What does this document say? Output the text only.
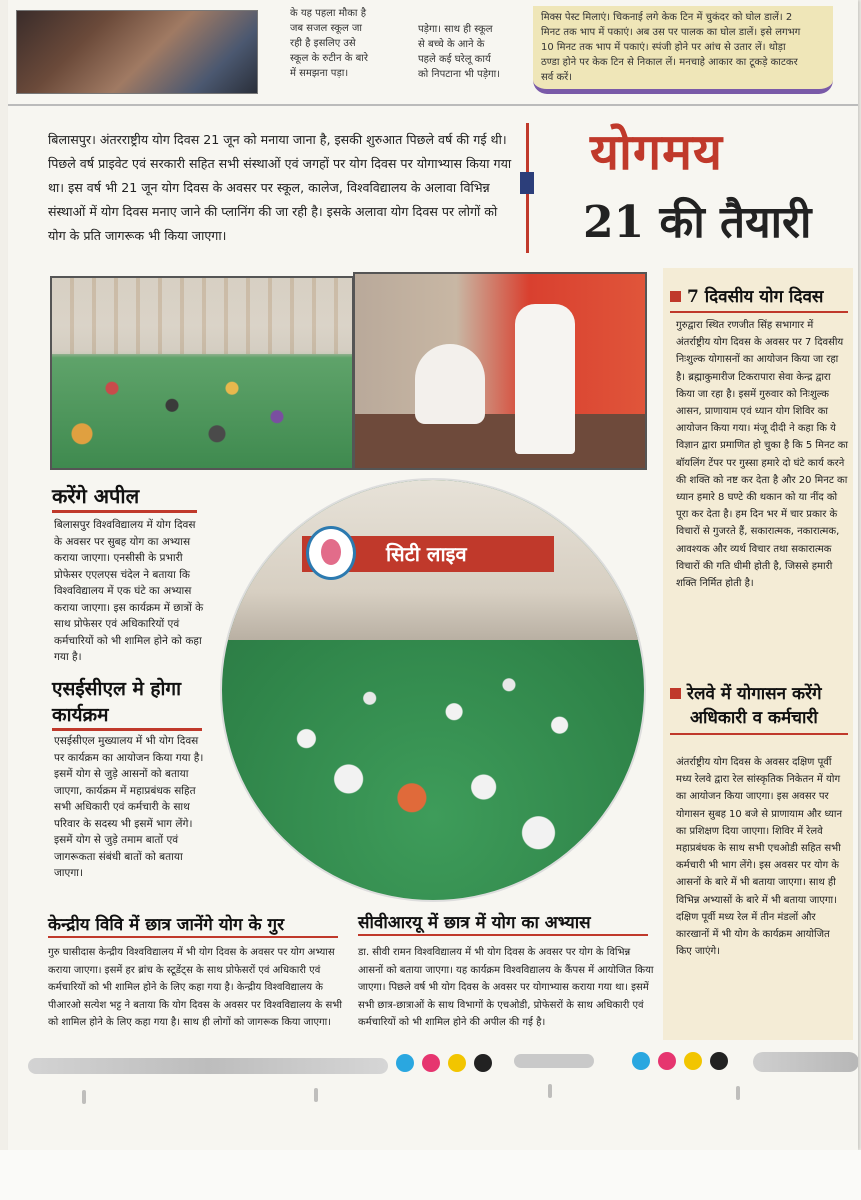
के यह पहला मौका है

जब सजल स्कूल जा

रही है इसलिए उसे

स्कूल के रुटीन के बारे

में समझना पड़ा।

पड़ेगा। साथ ही स्कूल

से बच्चे के आने के

पहले कई घरेलू कार्य

को निपटाना भी पड़ेगा।

मिक्स पेस्ट मिलाएं। चिकनाई लगे केक टिन में चुकंदर को घोल डालें। 2
मिनट तक भाप में पकाएं। अब उस पर पालक का घोल डालें। इसे लगभग
10 मिनट तक भाप में पकाएं। स्पंजी होने पर आंच से उतार लें। थोड़ा
ठण्डा होने पर केक टिन से निकाल लें। मनचाहे आकार का टूकड़े काटकर
सर्व करें।
बिलासपुर। अंतरराष्ट्रीय योग दिवस 21 जून को मनाया जाना है, इसकी शुरुआत पिछले वर्ष की गई थी। पिछले वर्ष प्राइवेट एवं सरकारी सहित सभी संस्थाओं एवं जगहों पर योग दिवस पर योगाभ्यास किया गया था। इस वर्ष भी 21 जून योग दिवस के अवसर पर स्कूल, कालेज, विश्वविद्यालय के अलावा विभिन्न संस्थाओं में योग दिवस मनाए जाने की प्लानिंग की जा रही है। इसके अलावा योग दिवस पर लोगों को योग के प्रति जागरूक भी किया जाएगा।
योगमय
21 की तैयारी
करेंगे अपील
बिलासपुर विश्वविद्यालय में योग दिवस के अवसर पर सुबह योग का अभ्यास कराया जाएगा। एनसीसी के प्रभारी प्रोफेसर एएलएस चंदेल ने बताया कि विश्वविद्यालय में एक घंटे का अभ्यास कराया जाएगा। इस कार्यक्रम में छात्रों के साथ प्रोफेसर एवं अधिकारियों एवं कर्मचारियों को भी शामिल होने को कहा गया है।
एसईसीएल मे होगा
कार्यक्रम
एसईसीएल मुख्यालय में भी योग दिवस पर कार्यक्रम का आयोजन किया गया है। इसमें योग से जुड़े आसनों को बताया जाएगा, कार्यक्रम में महाप्रबंधक सहित सभी अधिकारी एवं कर्मचारी के साथ परिवार के सदस्य भी इसमें भाग लेंगे। इसमें योग से जुड़े तमाम बातों एवं जागरूकता संबंधी बातों को बताया जाएगा।
सिटी लाइव
7 दिवसीय योग दिवस
गुरुद्वारा स्थित रणजीत सिंह सभागार में अंतर्राष्ट्रीय योग दिवस के अवसर पर 7 दिवसीय निःशुल्क योगासनों का आयोजन किया जा रहा है। ब्रह्माकुमारीज टिकरापारा सेवा केन्द्र द्वारा किया जा रहा है। इसमें गुरुवार को निःशुल्क आसन, प्राणायाम एवं ध्यान योग शिविर का आयोजन किया गया। मंजू दीदी ने कहा कि ये विज्ञान द्वारा प्रमाणित हो चुका है कि 5 मिनट का बॉयलिंग टेंपर पर गुस्सा हमारे दो घंटे कार्य करने की शक्ति को नष्ट कर देता है और 20 मिनट का ध्यान हमारे 8 घण्टे की थकान को या नींद को पूरा कर देता है। हम दिन भर में चार प्रकार के विचारों से गुजरते हैं, सकारात्मक, नकारात्मक, आवश्यक और व्यर्थ विचार तथा सकारात्मक विचारों की गति धीमी होती है, जिससे हमारी शक्ति निर्मित होती है।
रेलवे में योगासन करेंगे
अधिकारी व कर्मचारी
अंतर्राष्ट्रीय योग दिवस के अवसर दक्षिण पूर्वी मध्य रेलवे द्वारा रेल सांस्कृतिक निकेतन में योग का आयोजन किया जाएगा। इस अवसर पर योगासन सुबह 10 बजे से प्राणायाम और ध्यान का प्रशिक्षण दिया जाएगा। शिविर में रेलवे महाप्रबंधक के साथ सभी एचओडी सहित सभी कर्मचारी भी भाग लेंगे। इस अवसर पर योग के आसनों के बारे में भी बताया जाएगा। साथ ही विभिन्न अभ्यासों के बारे में भी बताया जाएगा। दक्षिण पूर्वी मध्य रेल में तीन मंडलों और कारखानों में भी योग के कार्यक्रम आयोजित किए जाएंगे।
केन्द्रीय विवि में छात्र जानेंगे योग के गुर
गुरु घासीदास केन्द्रीय विश्वविद्यालय में भी योग दिवस के अवसर पर योग अभ्यास कराया जाएगा। इसमें हर ब्रांच के स्टूडेंट्स के साथ प्रोफेसरों एवं अधिकारी एवं कर्मचारियों को भी शामिल होने के लिए कहा गया है। केन्द्रीय विश्वविद्यालय के पीआरओ सत्येश भट्ट ने बताया कि योग दिवस के अवसर पर विश्वविद्यालय के सभी को शामिल होने के लिए कहा गया है। साथ ही लोगों को जागरूक किया जाएगा।
सीवीआरयू में छात्र में योग का अभ्यास
डा. सीवी रामन विश्वविद्यालय में भी योग दिवस के अवसर पर योग के विभिन्न आसनों को बताया जाएगा। यह कार्यक्रम विश्वविद्यालय के कैंपस में आयोजित किया जाएगा। पिछले वर्ष भी योग दिवस के अवसर पर योगाभ्यास कराया गया था। इसमें सभी छात्र-छात्राओं के साथ विभागों के एचओडी, प्रोफेसरों के साथ अधिकारी एवं कर्मचारियों को भी शामिल होने की अपील की गई है।
